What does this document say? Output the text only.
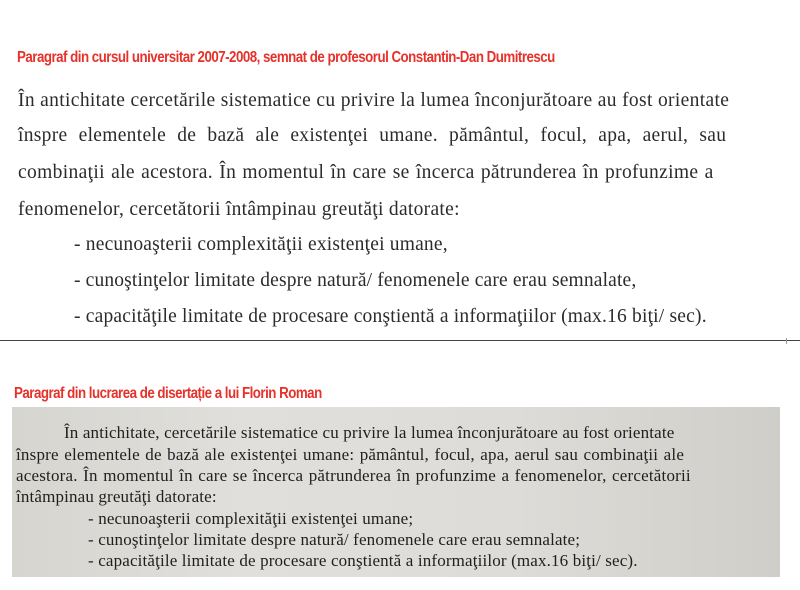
Paragraf din cursul universitar 2007-2008, semnat de profesorul Constantin-Dan Dumitrescu
În antichitate cercetările sistematice cu privire la lumea înconjurătoare au fost orientate
înspre elementele de bază ale existenţei umane. pământul, focul, apa, aerul, sau
combinaţii ale acestora. În momentul în care se încerca pătrunderea în profunzime a
fenomenelor, cercetătorii întâmpinau greutăţi datorate:
- necunoaşterii complexităţii existenţei umane,
- cunoştinţelor limitate despre natură/ fenomenele care erau semnalate,
- capacităţile limitate de procesare conştientă a informaţiilor (max.16 biţi/ sec).
Paragraf din lucrarea de disertație a lui Florin Roman
În antichitate, cercetările sistematice cu privire la lumea înconjurătoare au fost orientate
înspre elementele de bază ale existenţei umane: pământul, focul, apa, aerul sau combinaţii ale
acestora. În momentul în care se încerca pătrunderea în profunzime a fenomenelor, cercetătorii
întâmpinau greutăţi datorate:
- necunoaşterii complexităţii existenţei umane;
- cunoştinţelor limitate despre natură/ fenomenele care erau semnalate;
- capacităţile limitate de procesare conştientă a informaţiilor (max.16 biţi/ sec).
